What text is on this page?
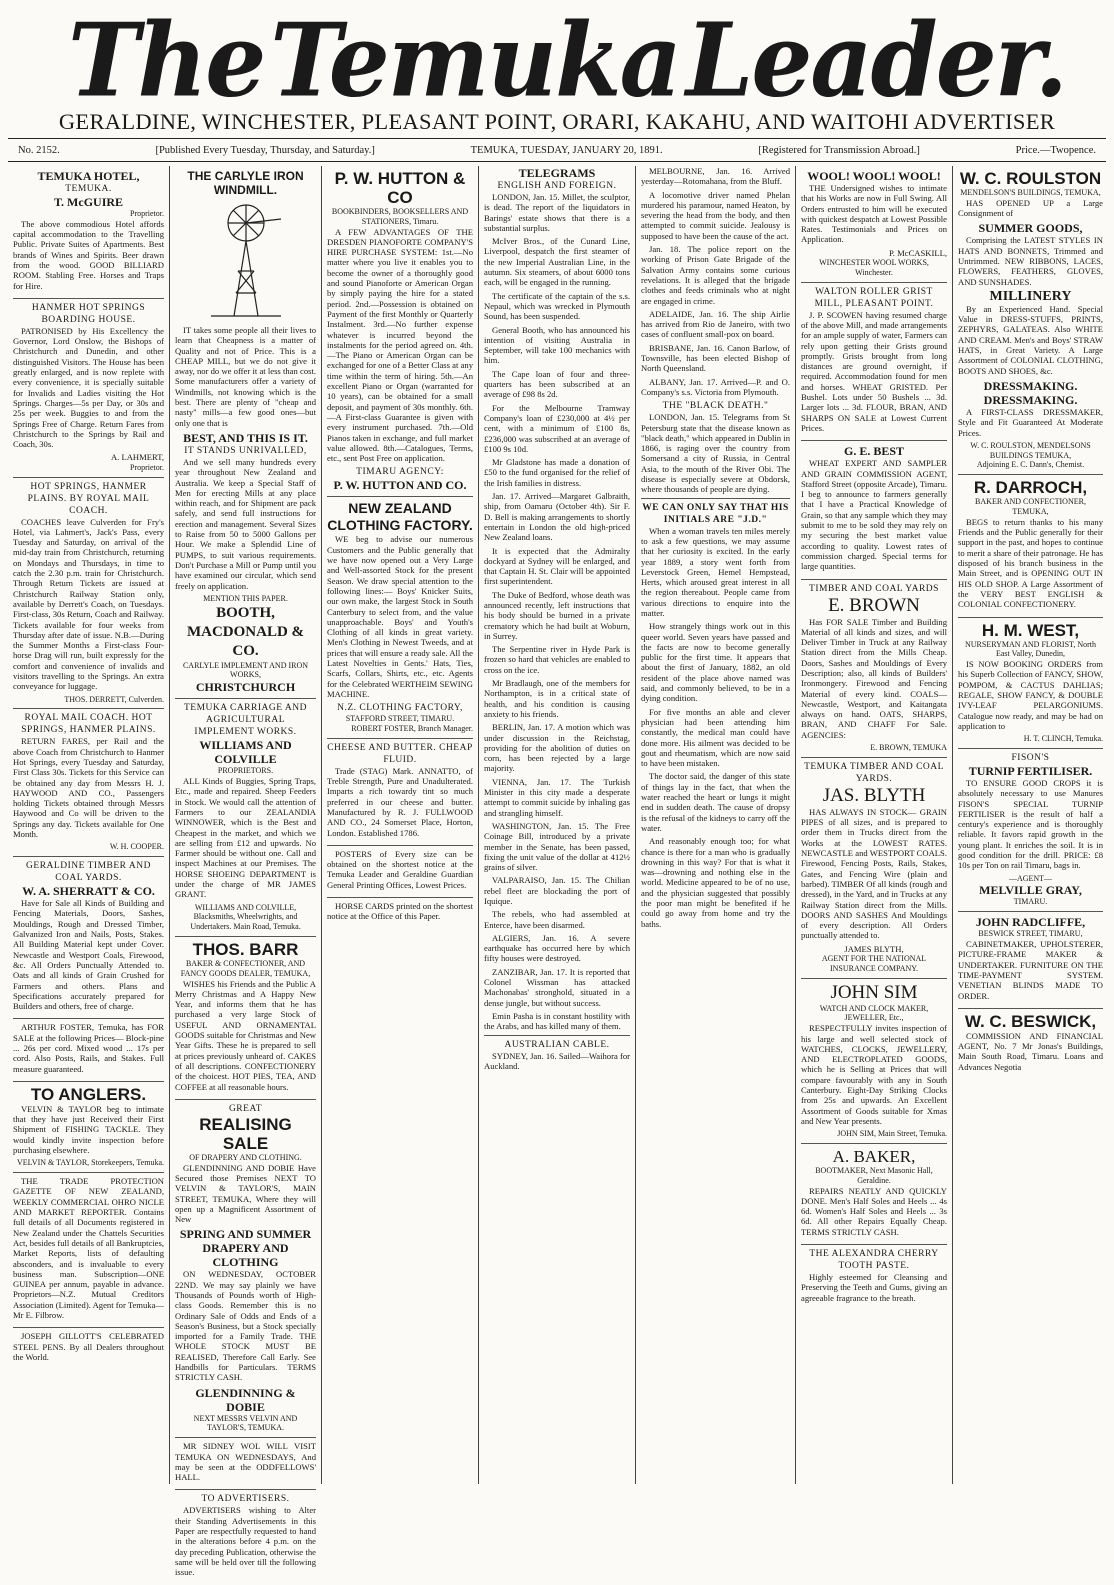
The Temuka Leader.
GERALDINE, WINCHESTER, PLEASANT POINT, ORARI, KAKAHU, AND WAITOHI ADVERTISER
No. 2152.	[Published Every Tuesday, Thursday, and Saturday.]	TEMUKA, TUESDAY, JANUARY 20, 1891.	[Registered for Transmission Abroad.]	Price.—Twopence.
TEMUKA HOTEL,
TEMUKA.
T. McGUIRE
Proprietor.

The above commodious Hotel affords capital accommodation to the Travelling Public. Private Suites of Apartments. Best brands of Wines and Spirits. Beer drawn from the wood. GOOD BILLIARD ROOM. Stabling Free. Horses and Traps for Hire.

HANMER HOT SPRINGS BOARDING HOUSE.

PATRONISED by His Excellency the Governor, Lord Onslow, the Bishops of Christchurch and Dunedin, and other distinguished Visitors. The House has been greatly enlarged, and is now replete with every convenience, it is specially suitable for Invalids and Ladies visiting the Hot Springs. Charges—5s per Day, or 30s and 25s per week. Buggies to and from the Springs Free of Charge. Return Fares from Christchurch to the Springs by Rail and Coach, 30s.

A. LAHMERT,
Proprietor.
HOT SPRINGS, HANMER PLAINS. BY ROYAL MAIL COACH.

COACHES leave Culverden for Fry's Hotel, via Lahmert's, Jack's Pass, every Tuesday and Saturday, on arrival of the mid-day train from Christchurch, returning on Mondays and Thursdays, in time to catch the 2.30 p.m. train for Christchurch. Through Return Tickets are issued at Christchurch Railway Station only, available by Derrett's Coach, on Tuesdays. First-class, 30s Return, Coach and Railway. Tickets available for four weeks from Thursday after date of issue. N.B.—During the Summer Months a First-class Four-horse Drag will run, built expressly for the comfort and convenience of invalids and visitors travelling to the Springs. An extra conveyance for luggage.

THOS. DERRETT, Culverden.
ROYAL MAIL COACH. HOT SPRINGS, HANMER PLAINS.

RETURN FARES, per Rail and the above Coach from Christchurch to Hanmer Hot Springs, every Tuesday and Saturday, First Class 30s. Tickets for this Service can be obtained any day from Messrs H. J. HAYWOOD AND CO., Passengers holding Tickets obtained through Messrs Haywood and Co will be driven to the Springs any day. Tickets available for One Month.

W. H. COOPER.
GERALDINE TIMBER AND COAL YARDS.
W. A. SHERRATT & CO.

Have for Sale all Kinds of Building and Fencing Materials, Doors, Sashes, Mouldings, Rough and Dressed Timber, Galvanized Iron and Nails, Posts, Stakes. All Building Material kept under Cover. Newcastle and Westport Coals, Firewood, &c. All Orders Punctually Attended to. Oats and all kinds of Grain Crushed for Farmers and others. Plans and Specifications accurately prepared for Builders and others, free of charge.

ARTHUR FOSTER, Temuka, has FOR SALE at the following Prices— Block-pine ... 26s per cord. Mixed wood ... 17s per cord. Also Posts, Rails, and Stakes. Full measure guaranteed.

TO ANGLERS.

VELVIN & TAYLOR beg to intimate that they have just Received their First Shipment of FISHING TACKLE. They would kindly invite inspection before purchasing elsewhere.

VELVIN & TAYLOR, Storekeepers, Temuka.

THE TRADE PROTECTION GAZETTE OF NEW ZEALAND, WEEKLY COMMERCIAL OHRO NICLE AND MARKET REPORTER. Contains full details of all Documents registered in New Zealand under the Chattels Securities Act, besides full details of all Bankruptcies, Market Reports, lists of defaulting absconders, and is invaluable to every business man. Subscription—ONE GUINEA per annum, payable in advance. Proprietors—N.Z. Mutual Creditors Association (Limited). Agent for Temuka—Mr E. Filbrow.

JOSEPH GILLOTT'S CELEBRATED STEEL PENS. By all Dealers throughout the World.

THE CARLYLE IRON WINDMILL.

IT takes some people all their lives to learn that Cheapness is a matter of Quality and not of Price. This is a CHEAP MILL, but we do not give it away, nor do we offer it at less than cost. Some manufacturers offer a variety of Windmills, not knowing which is the best. There are plenty of "cheap and nasty" mills—a few good ones—but only one that is

BEST, AND THIS IS IT.
IT STANDS UNRIVALLED,

And we sell many hundreds every year throughout New Zealand and Australia. We keep a Special Staff of Men for erecting Mills at any place within reach, and for Shipment are pack safely, and send full instructions for erection and management. Several Sizes to Raise from 50 to 5000 Gallons per Hour. We make a Splendid Line of PUMPS, to suit various requirements. Don't Purchase a Mill or Pump until you have examined our circular, which send freely on application.

MENTION THIS PAPER.
BOOTH, MACDONALD & CO.
CARLYLE IMPLEMENT AND IRON WORKS,
CHRISTCHURCH
TEMUKA CARRIAGE AND AGRICULTURAL IMPLEMENT WORKS.
WILLIAMS AND COLVILLE
PROPRIETORS.

ALL Kinds of Buggies, Spring Traps, Etc., made and repaired. Sheep Feeders in Stock. We would call the attention of Farmers to our ZEALANDIA WINNOWER, which is the Best and Cheapest in the market, and which we are selling from £12 and upwards. No Farmer should be without one. Call and inspect Machines at our Premises. The HORSE SHOEING DEPARTMENT is under the charge of MR JAMES GRANT.

WILLIAMS AND COLVILLE, Blacksmiths, Wheelwrights, and Undertakers. Main Road, Temuka.
THOS. BARR
BAKER & CONFECTIONER, AND FANCY GOODS DEALER, TEMUKA,

WISHES his Friends and the Public A Merry Christmas and A Happy New Year, and informs them that he has purchased a very large Stock of USEFUL AND ORNAMENTAL GOODS suitable for Christmas and New Year Gifts. These he is prepared to sell at prices previously unheard of. CAKES of all descriptions. CONFECTIONERY of the choicest. HOT PIES, TEA, AND COFFEE at all reasonable hours.

GREAT
REALISING SALE
OF DRAPERY AND CLOTHING.

GLENDINNING AND DOBIE Have Secured those Premises NEXT TO VELVIN & TAYLOR'S, MAIN STREET, TEMUKA, Where they will open up a Magnificent Assortment of New

SPRING AND SUMMER DRAPERY AND CLOTHING

ON WEDNESDAY, OCTOBER 22ND. We may say plainly we have Thousands of Pounds worth of High-class Goods. Remember this is no Ordinary Sale of Odds and Ends of a Season's Business, but a Stock specially imported for a Family Trade. THE WHOLE STOCK MUST BE REALISED, Therefore Call Early. See Handbills for Particulars. TERMS STRICTLY CASH.

GLENDINNING & DOBIE
NEXT MESSRS VELVIN AND TAYLOR'S, TEMUKA.

MR SIDNEY WOL WILL VISIT TEMUKA ON WEDNESDAYS, And may be seen at the ODDFELLOWS' HALL.

TO ADVERTISERS.

ADVERTISERS wishing to Alter their Standing Advertisements in this Paper are respectfully requested to hand in the alterations before 4 p.m. on the day preceding Publication, otherwise the same will be held over till the following issue.

P. W. HUTTON & CO
BOOKBINDERS, BOOKSELLERS AND STATIONERS, Timaru.

A FEW ADVANTAGES OF THE DRESDEN PIANOFORTE COMPANY'S HIRE PURCHASE SYSTEM: 1st.—No matter where you live it enables you to become the owner of a thoroughly good and sound Pianoforte or American Organ by simply paying the hire for a stated period. 2nd.—Possession is obtained on Payment of the first Monthly or Quarterly Instalment. 3rd.—No further expense whatever is incurred beyond the instalments for the period agreed on. 4th.—The Piano or American Organ can be exchanged for one of a Better Class at any time within the term of hiring. 5th.—An excellent Piano or Organ (warranted for 10 years), can be obtained for a small deposit, and payment of 30s monthly. 6th.—A First-class Guarantee is given with every instrument purchased. 7th.—Old Pianos taken in exchange, and full market value allowed. 8th.—Catalogues, Terms, etc., sent Post Free on application.

TIMARU AGENCY:
P. W. HUTTON AND CO.
NEW ZEALAND CLOTHING FACTORY.

WE beg to advise our numerous Customers and the Public generally that we have now opened out a Very Large and Well-assorted Stock for the present Season. We draw special attention to the following lines:— Boys' Knicker Suits, our own make, the largest Stock in South Canterbury to select from, and the value unapproachable. Boys' and Youth's Clothing of all kinds in great variety. Men's Clothing in Newest Tweeds, and at prices that will ensure a ready sale. All the Latest Novelties in Gents.' Hats, Ties, Scarfs, Collars, Shirts, etc., etc. Agents for the Celebrated WERTHEIM SEWING MACHINE.

N.Z. CLOTHING FACTORY,
STAFFORD STREET, TIMARU.
ROBERT FOSTER, Branch Manager.
CHEESE AND BUTTER. CHEAP FLUID.

Trade (STAG) Mark. ANNATTO, of Treble Strength, Pure and Unadulterated. Imparts a rich towardy tint so much preferred in our cheese and butter. Manufactured by R. J. FULLWOOD AND CO., 24 Somerset Place, Horton, London. Established 1786.

POSTERS of Every size can be obtained on the shortest notice at the Temuka Leader and Geraldine Guardian General Printing Offices, Lowest Prices.

HORSE CARDS printed on the shortest notice at the Office of this Paper.

TELEGRAMS
ENGLISH AND FOREIGN.

LONDON, Jan. 15. Millet, the sculptor, is dead. The report of the liquidators in Barings' estate shows that there is a substantial surplus.

McIver Bros., of the Cunard Line, Liverpool, despatch the first steamer of the new Imperial Australian Line, in the autumn. Six steamers, of about 6000 tons each, will be engaged in the running.

The certificate of the captain of the s.s. Nepaul, which was wrecked in Plymouth Sound, has been suspended.

General Booth, who has announced his intention of visiting Australia in September, will take 100 mechanics with him.

The Cape loan of four and three-quarters has been subscribed at an average of £98 8s 2d.

For the Melbourne Tramway Company's loan of £230,000 at 4½ per cent, with a minimum of £100 8s, £236,000 was subscribed at an average of £100 9s 10d.

Mr Gladstone has made a donation of £50 to the fund organised for the relief of the Irish families in distress.

Jan. 17. Arrived—Margaret Galbraith, ship, from Oamaru (October 4th). Sir F. D. Bell is making arrangements to shortly entertain in London the old high-priced New Zealand loans.

It is expected that the Admiralty dockyard at Sydney will be enlarged, and that Captain H. St. Clair will be appointed first superintendent.

The Duke of Bedford, whose death was announced recently, left instructions that his body should be burned in a private crematory which he had built at Woburn, in Surrey.

The Serpentine river in Hyde Park is frozen so hard that vehicles are enabled to cross on the ice.

Mr Bradlaugh, one of the members for Northampton, is in a critical state of health, and his condition is causing anxiety to his friends.

BERLIN, Jan. 17. A motion which was under discussion in the Reichstag, providing for the abolition of duties on corn, has been rejected by a large majority.

VIENNA, Jan. 17. The Turkish Minister in this city made a desperate attempt to commit suicide by inhaling gas and strangling himself.

WASHINGTON, Jan. 15. The Free Coinage Bill, introduced by a private member in the Senate, has been passed, fixing the unit value of the dollar at 412½ grains of silver.

VALPARAISO, Jan. 15. The Chilian rebel fleet are blockading the port of Iquique.

The rebels, who had assembled at Enterce, have been disarmed.

ALGIERS, Jan. 16. A severe earthquake has occurred here by which fifty houses were destroyed.

ZANZIBAR, Jan. 17. It is reported that Colonel Wissman has attacked Machonabas' stronghold, situated in a dense jungle, but without success.

Emin Pasha is in constant hostility with the Arabs, and has killed many of them.

AUSTRALIAN CABLE.

SYDNEY, Jan. 16. Sailed—Waihora for Auckland.

MELBOURNE, Jan. 16. Arrived yesterday—Rotomahana, from the Bluff.

A locomotive driver named Phelan murdered his paramour, named Heaton, by severing the head from the body, and then attempted to commit suicide. Jealousy is supposed to have been the cause of the act.

Jan. 18. The police report on the working of Prison Gate Brigade of the Salvation Army contains some curious revelations. It is alleged that the brigade clothes and feeds criminals who at night are engaged in crime.

ADELAIDE, Jan. 16. The ship Airlie has arrived from Rio de Janeiro, with two cases of confluent small-pox on board.

BRISBANE, Jan. 16. Canon Barlow, of Townsville, has been elected Bishop of North Queensland.

ALBANY, Jan. 17. Arrived—P. and O. Company's s.s. Victoria from Plymouth.

THE "BLACK DEATH."

LONDON, Jan. 15. Telegrams from St Petersburg state that the disease known as "black death," which appeared in Dublin in 1866, is raging over the country from Somersand a city of Russia, in Central Asia, to the mouth of the River Obi. The disease is especially severe at Obdorsk, where thousands of people are dying.

WE CAN ONLY SAY THAT HIS INITIALS ARE "J.D."

When a woman travels ten miles merely to ask a few questions, we may assume that her curiosity is excited. In the early year 1889, a story went forth from Leverstock Green, Hemel Hempstead, Herts, which aroused great interest in all the region thereabout. People came from various directions to enquire into the matter.

How strangely things work out in this queer world. Seven years have passed and the facts are now to become generally public for the first time. It appears that about the first of January, 1882, an old resident of the place above named was said, and commonly believed, to be in a dying condition.

For five months an able and clever physician had been attending him constantly, the medical man could have done more. His ailment was decided to be gout and rheumatism, which are now said to have been mistaken.

The doctor said, the danger of this state of things lay in the fact, that when the water reached the heart or lungs it might end in sudden death. The cause of dropsy is the refusal of the kidneys to carry off the water.

And reasonably enough too; for what chance is there for a man who is gradually drowning in this way? For that is what it was—drowning and nothing else in the world. Medicine appeared to be of no use, and the physician suggested that possibly the poor man might be benefited if he could go away from home and try the baths.

WOOL! WOOL! WOOL!

THE Undersigned wishes to intimate that his Works are now in Full Swing. All Orders entrusted to him will be executed with quickest despatch at Lowest Possible Rates. Testimonials and Prices on Application.

P. McCASKILL,
WINCHESTER WOOL WORKS, Winchester.
WALTON ROLLER GRIST MILL, PLEASANT POINT.

J. P. SCOWEN having resumed charge of the above Mill, and made arrangements for an ample supply of water, Farmers can rely upon getting their Grists ground promptly. Grists brought from long distances are ground overnight, if required. Accommodation found for men and horses. WHEAT GRISTED. Per Bushel. Lots under 50 Bushels ... 3d. Larger lots ... 3d. FLOUR, BRAN, AND SHARPS ON SALE at Lowest Current Prices.

G. E. BEST

WHEAT EXPERT AND SAMPLER AND GRAIN COMMISSION AGENT, Stafford Street (opposite Arcade), Timaru. I beg to announce to farmers generally that I have a Practical Knowledge of Grain, so that any sample which they may submit to me to be sold they may rely on my securing the best market value according to quality. Lowest rates of commission charged. Special terms for large quantities.

TIMBER AND COAL YARDS
E. BROWN

Has FOR SALE Timber and Building Material of all kinds and sizes, and will Deliver Timber in Truck at any Railway Station direct from the Mills Cheap. Doors, Sashes and Mouldings of Every Description; also, all kinds of Builders' Ironmongery. Firewood and Fencing Material of every kind. COALS—Newcastle, Westport, and Kaitangata always on hand. OATS, SHARPS, BRAN, AND CHAFF For Sale. AGENCIES:

E. BROWN, TEMUKA
TEMUKA TIMBER AND COAL YARDS.
JAS. BLYTH

HAS ALWAYS IN STOCK— GRAIN PIPES of all sizes, and is prepared to order them in Trucks direct from the Works at the LOWEST RATES. NEWCASTLE and WESTPORT COALS. Firewood, Fencing Posts, Rails, Stakes, Gates, and Fencing Wire (plain and barbed). TIMBER Of all kinds (rough and dressed), in the Yard, and in Trucks at any Railway Station direct from the Mills. DOORS AND SASHES And Mouldings of every description. All Orders punctually attended to.

JAMES BLYTH,
AGENT FOR THE NATIONAL INSURANCE COMPANY.
JOHN SIM
WATCH AND CLOCK MAKER, JEWELLER, Etc.,

RESPECTFULLY invites inspection of his large and well selected stock of WATCHES, CLOCKS, JEWELLERY, AND ELECTROPLATED GOODS, which he is Selling at Prices that will compare favourably with any in South Canterbury. Eight-Day Striking Clocks from 25s and upwards. An Excellent Assortment of Goods suitable for Xmas and New Year presents.

JOHN SIM, Main Street, Temuka.
A. BAKER,
BOOTMAKER, Next Masonic Hall, Geraldine.

REPAIRS NEATLY AND QUICKLY DONE. Men's Half Soles and Heels ... 4s 6d. Women's Half Soles and Heels ... 3s 6d. All other Repairs Equally Cheap. TERMS STRICTLY CASH.

THE ALEXANDRA CHERRY TOOTH PASTE.

Highly esteemed for Cleansing and Preserving the Teeth and Gums, giving an agreeable fragrance to the breath.

W. C. ROULSTON
MENDELSON'S BUILDINGS, TEMUKA,

HAS OPENED UP a Large Consignment of

SUMMER GOODS,

Comprising the LATEST STYLES IN HATS AND BONNETS, Trimmed and Untrimmed. NEW RIBBONS, LACES, FLOWERS, FEATHERS, GLOVES, AND SUNSHADES.

MILLINERY

By an Experienced Hand. Special Value in DRESS-STUFFS, PRINTS, ZEPHYRS, GALATEAS. Also WHITE AND CREAM. Men's and Boys' STRAW HATS, in Great Variety. A Large Assortment of COLONIAL CLOTHING, BOOTS AND SHOES, &c.

DRESSMAKING. DRESSMAKING.

A FIRST-CLASS DRESSMAKER, Style and Fit Guaranteed At Moderate Prices.

W. C. ROULSTON, MENDELSONS BUILDINGS TEMUKA,
Adjoining E. C. Dann's, Chemist.
R. DARROCH,
BAKER AND CONFECTIONER, TEMUKA,

BEGS to return thanks to his many Friends and the Public generally for their support in the past, and hopes to continue to merit a share of their patronage. He has disposed of his branch business in the Main Street, and is OPENING OUT IN HIS OLD SHOP. A Large Assortment of the VERY BEST ENGLISH & COLONIAL CONFECTIONERY.

H. M. WEST,
NURSERYMAN AND FLORIST, North East Valley, Dunedin,

IS NOW BOOKING ORDERS from his Superb Collection of FANCY, SHOW, POMPOM, & CACTUS DAHLIAS; REGALE, SHOW FANCY, & DOUBLE IVY-LEAF PELARGONIUMS. Catalogue now ready, and may be had on application to

H. T. CLINCH, Temuka.
FISON'S
TURNIP FERTILISER.

TO ENSURE GOOD CROPS it is absolutely necessary to use Manures FISON'S SPECIAL TURNIP FERTILISER is the result of half a century's experience and is thoroughly reliable. It favors rapid growth in the young plant. It enriches the soil. It is in good condition for the drill. PRICE: £8 10s per Ton on rail Timaru, bags in.

—AGENT—
MELVILLE GRAY,
TIMARU.
JOHN RADCLIFFE,
BESWICK STREET, TIMARU,

CABINETMAKER, UPHOLSTERER, PICTURE-FRAME MAKER & UNDERTAKER. FURNITURE ON THE TIME-PAYMENT SYSTEM. VENETIAN BLINDS MADE TO ORDER.

W. C. BESWICK,

COMMISSION AND FINANCIAL AGENT, No. 7 Mr Jonas's Buildings, Main South Road, Timaru. Loans and Advances Negotia
